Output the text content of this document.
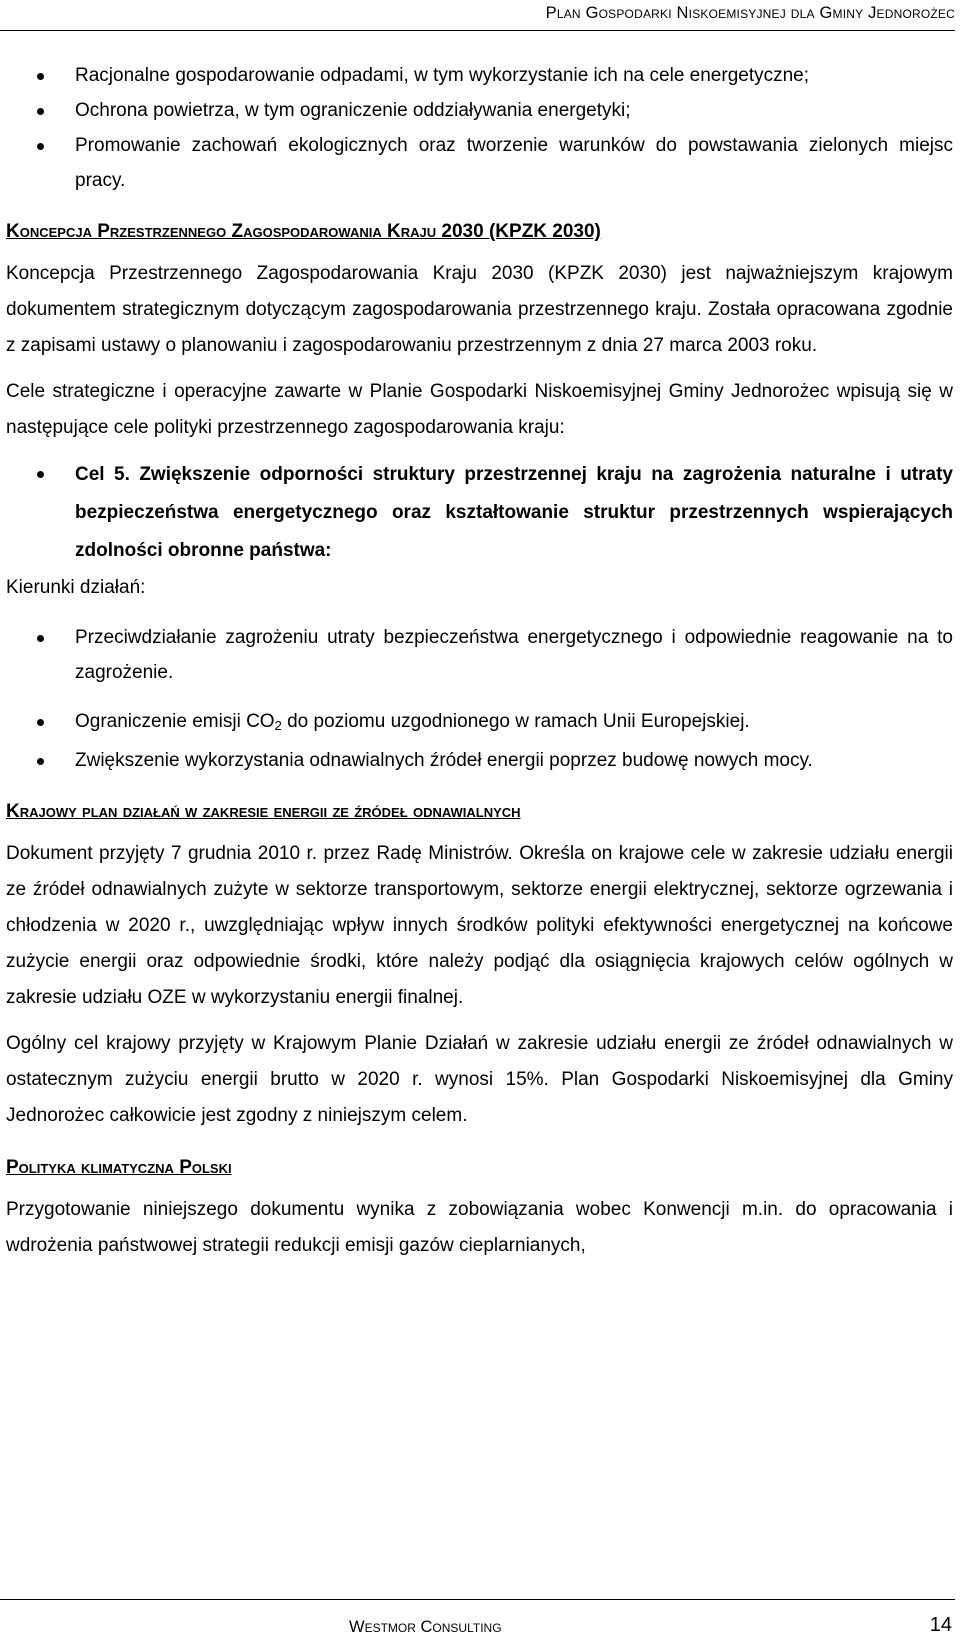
Plan Gospodarki Niskoemisyjnej dla Gminy Jednorożec
Racjonalne gospodarowanie odpadami, w tym wykorzystanie ich na cele energetyczne;
Ochrona powietrza, w tym ograniczenie oddziaływania energetyki;
Promowanie zachowań ekologicznych oraz tworzenie warunków do powstawania zielonych miejsc pracy.
Koncepcja Przestrzennego Zagospodarowania Kraju 2030 (KPZK 2030)

Koncepcja Przestrzennego Zagospodarowania Kraju 2030 (KPZK 2030) jest najważniejszym krajowym dokumentem strategicznym dotyczącym zagospodarowania przestrzennego kraju. Została opracowana zgodnie z zapisami ustawy o planowaniu i zagospodarowaniu przestrzennym z dnia 27 marca 2003 roku.

Cele strategiczne i operacyjne zawarte w Planie Gospodarki Niskoemisyjnej Gminy Jednorożec wpisują się w następujące cele polityki przestrzennego zagospodarowania kraju:

Cel 5. Zwiększenie odporności struktury przestrzennej kraju na zagrożenia naturalne i utraty bezpieczeństwa energetycznego oraz kształtowanie struktur przestrzennych wspierających zdolności obronne państwa:

Kierunki działań:

Przeciwdziałanie zagrożeniu utraty bezpieczeństwa energetycznego i odpowiednie reagowanie na to zagrożenie.
Ograniczenie emisji $CO_2$ do poziomu uzgodnionego w ramach Unii Europejskiej.
Zwiększenie wykorzystania odnawialnych źródeł energii poprzez budowę nowych mocy.
Krajowy plan działań w zakresie energii ze źródeł odnawialnych

Dokument przyjęty 7 grudnia 2010 r. przez Radę Ministrów. Określa on krajowe cele w zakresie udziału energii ze źródeł odnawialnych zużyte w sektorze transportowym, sektorze energii elektrycznej, sektorze ogrzewania i chłodzenia w 2020 r., uwzględniając wpływ innych środków polityki efektywności energetycznej na końcowe zużycie energii oraz odpowiednie środki, które należy podjąć dla osiągnięcia krajowych celów ogólnych w zakresie udziału OZE w wykorzystaniu energii finalnej.

Ogólny cel krajowy przyjęty w Krajowym Planie Działań w zakresie udziału energii ze źródeł odnawialnych w ostatecznym zużyciu energii brutto w 2020 r. wynosi 15%. Plan Gospodarki Niskoemisyjnej dla Gminy Jednorożec całkowicie jest zgodny z niniejszym celem.

Polityka klimatyczna Polski

Przygotowanie niniejszego dokumentu wynika z zobowiązania wobec Konwencji m.in. do opracowania i wdrożenia państwowej strategii redukcji emisji gazów cieplarnianych,

Westmor Consulting	14
